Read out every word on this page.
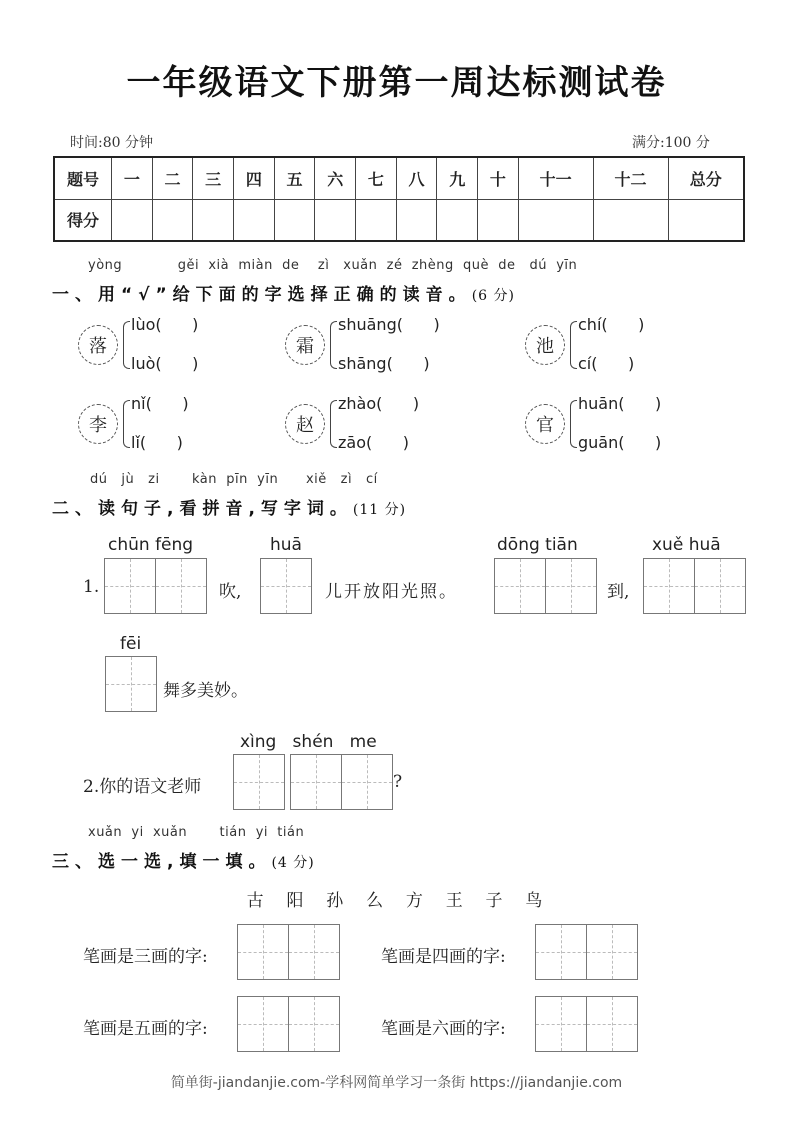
一年级语文下册第一周达标测试卷
时间:80 分钟	满分:100 分
题号	一	二	三	四	五	六	七	八	九	十	十一	十二	总分
得分													
yòng            gěi  xià  miàn  de    zì   xuǎn  zé  zhèng  què  de   dú  yīn
一、用“√”给下面的字选择正确的读音。(6 分)
落
lùo(      )
luò(      )
霜
shuāng(      )
shāng(      )
池
chí(      )
cí(      )
李
nǐ(      )
lǐ(      )
赵
zhào(      )
zāo(      )
官
huān(      )
guān(      )
dú   jù   zi       kàn  pīn  yīn      xiě   zì   cí
二、读句子,看拼音,写字词。(11 分)
chūn fēng	huā	dōng tiān	xuě huā
1.	吹,	儿开放阳光照。	到,
fēi
舞多美妙。
xìng   shén   me
2.你的语文老师	?
xuǎn  yi  xuǎn       tián  yi  tián
三、选一选,填一填。(4 分)
古  阳  孙  么  方  王  子  鸟
笔画是三画的字:	笔画是四画的字:
笔画是五画的字:	笔画是六画的字:
简单街-jiandanjie.com-学科网简单学习一条街 https://jiandanjie.com
